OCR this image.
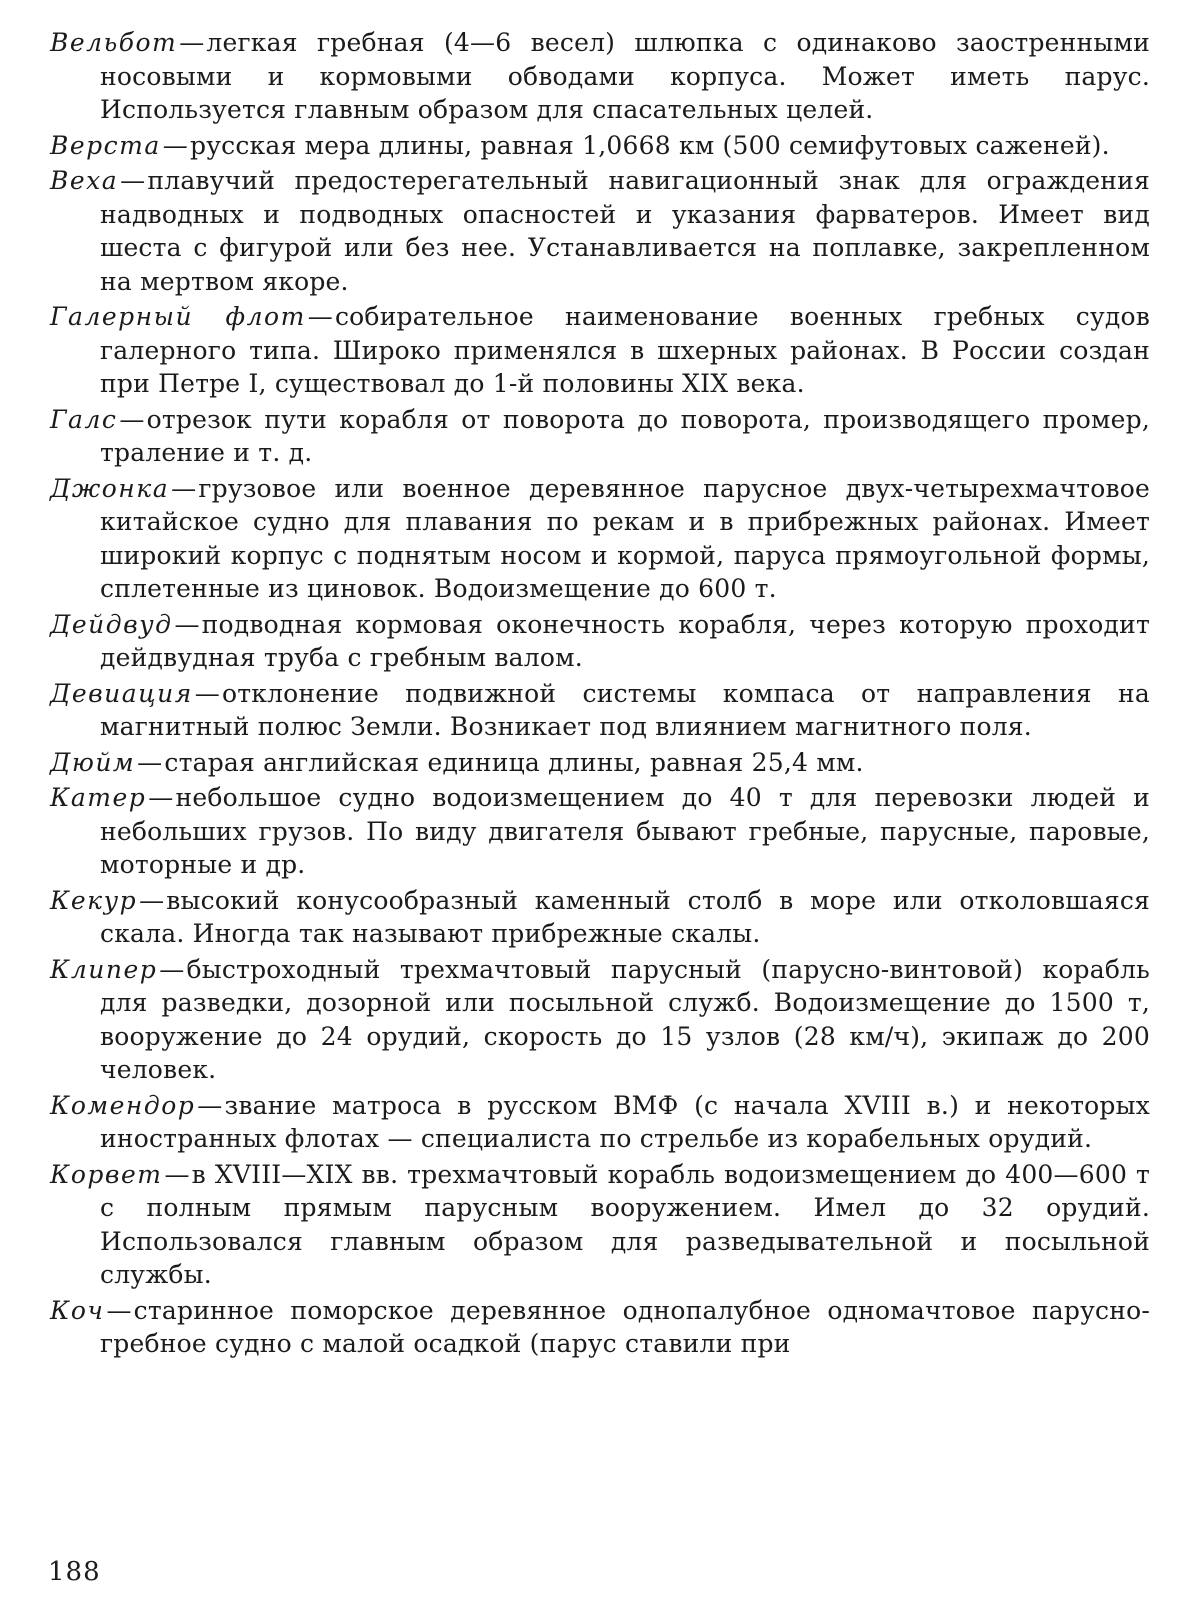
Вельбот—легкая гребная (4—6 весел) шлюпка с одинаково заостренными носовыми и кормовыми обводами корпуса. Может иметь парус. Используется главным образом для спасательных целей.

Верста—русская мера длины, равная 1,0668 км (500 семифутовых саженей).

Веха—плавучий предостерегательный навигационный знак для ограждения надводных и подводных опасностей и указания фарватеров. Имеет вид шеста с фигурой или без нее. Устанавливается на поплавке, закрепленном на мертвом якоре.

Галерный флот—собирательное наименование военных гребных судов галерного типа. Широко применялся в шхерных районах. В России создан при Петре I, существовал до 1-й половины XIX века.

Галс—отрезок пути корабля от поворота до поворота, производящего промер, траление и т. д.

Джонка—грузовое или военное деревянное парусное двух-четырехмачтовое китайское судно для плавания по рекам и в прибрежных районах. Имеет широкий корпус с поднятым носом и кормой, паруса прямоугольной формы, сплетенные из циновок. Водоизмещение до 600 т.

Дейдвуд—подводная кормовая оконечность корабля, через которую проходит дейдвудная труба с гребным валом.

Девиация—отклонение подвижной системы компаса от направления на магнитный полюс Земли. Возникает под влиянием магнитного поля.

Дюйм—старая английская единица длины, равная 25,4 мм.

Катер—небольшое судно водоизмещением до 40 т для перевозки людей и небольших грузов. По виду двигателя бывают гребные, парусные, паровые, моторные и др.

Кекур—высокий конусообразный каменный столб в море или отколовшаяся скала. Иногда так называют прибрежные скалы.

Клипер—быстроходный трехмачтовый парусный (парусно-винтовой) корабль для разведки, дозорной или посыльной служб. Водоизмещение до 1500 т, вооружение до 24 орудий, скорость до 15 узлов (28 км/ч), экипаж до 200 человек.

Комендор—звание матроса в русском ВМФ (с начала XVIII в.) и некоторых иностранных флотах — специалиста по стрельбе из корабельных орудий.

Корвет—в XVIII—XIX вв. трехмачтовый корабль водоизмещением до 400—600 т с полным прямым парусным вооружением. Имел до 32 орудий. Использовался главным образом для разведывательной и посыльной службы.

Коч—старинное поморское деревянное однопалубное одномачтовое парусно-гребное судно с малой осадкой (парус ставили при

188
